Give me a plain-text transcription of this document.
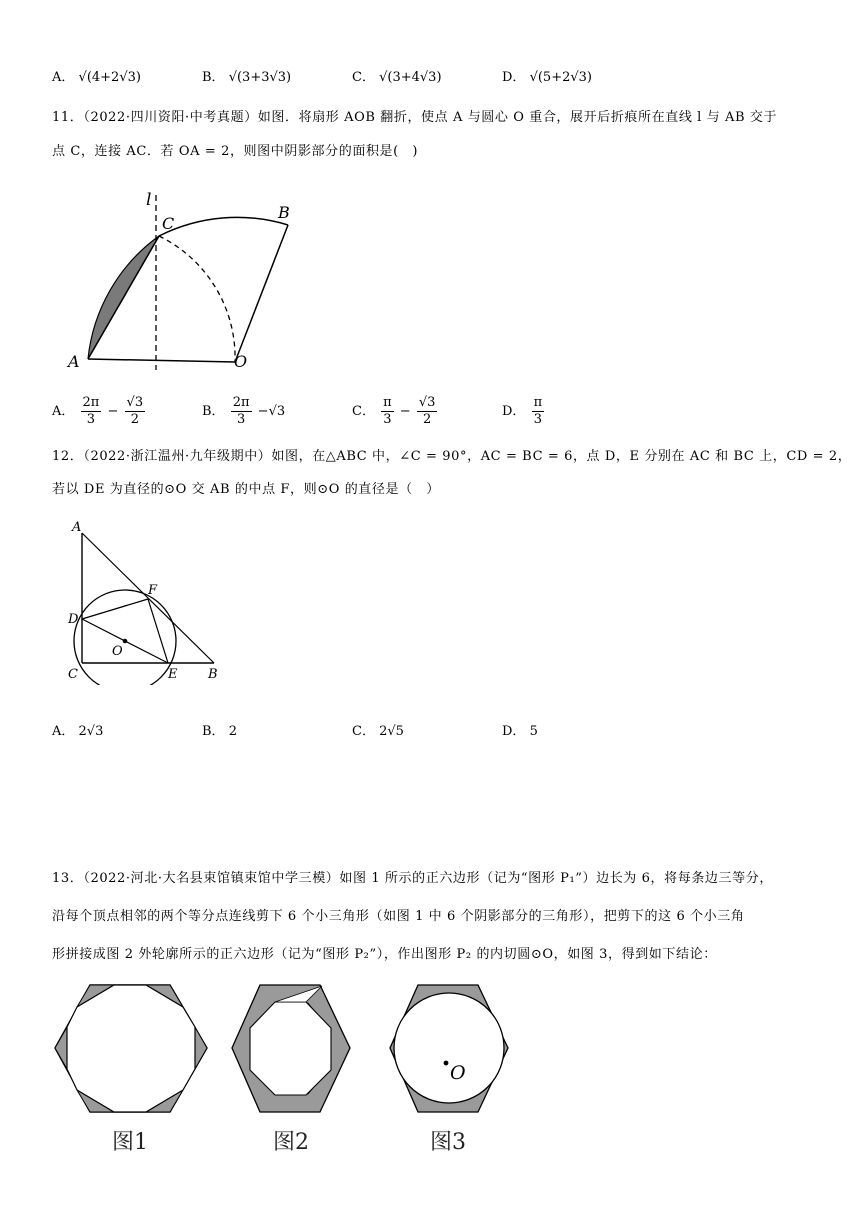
A． √(4+2√3)	B． √(3+3√3)	C． √(3+4√3)	D． √(5+2√3)
11．（2022·四川资阳·中考真题）如图．将扇形 AOB 翻折，使点 A 与圆心 O 重合，展开后折痕所在直线 l 与 AB 交于
点 C，连接 AC．若 OA = 2，则图中阴影部分的面积是(　)
l
C
B
A	O
A． $\frac{2\pi}{3} - \frac{√3}{2}$	B． $\frac{2\pi}{3} -√3$	C． $\frac{\pi}{3} - \frac{√3}{2}$	D． $\frac{\pi}{3}$
12．（2022·浙江温州·九年级期中）如图，在△ABC 中，∠C = 90°，AC = BC = 6，点 D，E 分别在 AC 和 BC 上，CD = 2，
若以 DE 为直径的⊙O 交 AB 的中点 F，则⊙O 的直径是（　）
A
F
D
O
C	E B
A． 2√3	B． 2	C． 2√5	D． 5
13．（2022·河北·大名县束馆镇束馆中学三模）如图 1 所示的正六边形（记为“图形 P₁”）边长为 6，将每条边三等分，
沿每个顶点相邻的两个等分点连线剪下 6 个小三角形（如图 1 中 6 个阴影部分的三角形），把剪下的这 6 个小三角
形拼接成图 2 外轮廓所示的正六边形（记为“图形 P₂”），作出图形 P₂ 的内切圆⊙O，如图 3，得到如下结论：
O
图1	图2	图3
